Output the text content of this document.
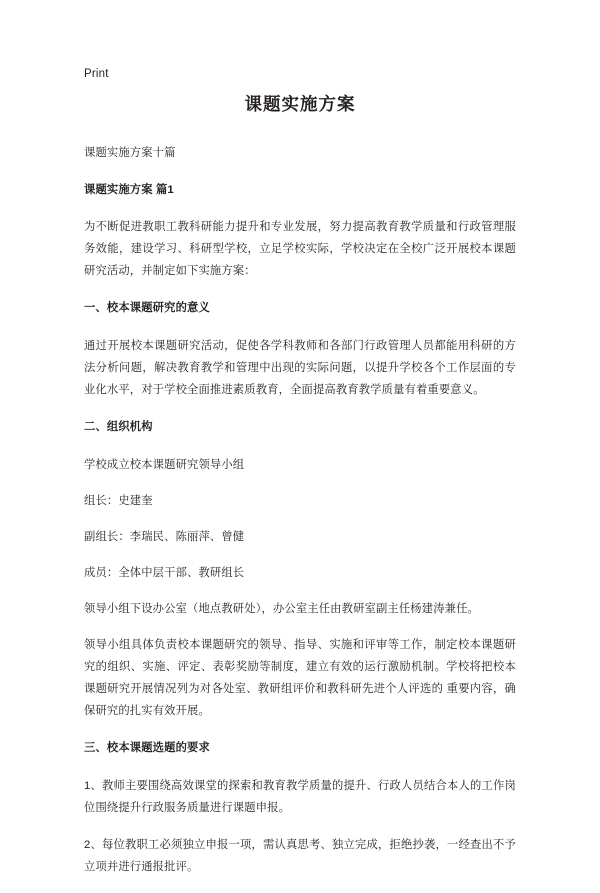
Print
课题实施方案

课题实施方案十篇

课题实施方案 篇1

为不断促进教职工教科研能力提升和专业发展，努力提高教育教学质量和行政管理服务效能，建设学习、科研型学校，立足学校实际，学校决定在全校广泛开展校本课题研究活动，并制定如下实施方案：

一、校本课题研究的意义

通过开展校本课题研究活动，促使各学科教师和各部门行政管理人员都能用科研的方法分析问题，解决教育教学和管理中出现的实际问题，以提升学校各个工作层面的专业化水平，对于学校全面推进素质教育，全面提高教育教学质量有着重要意义。

二、组织机构

学校成立校本课题研究领导小组

组长：史建奎

副组长：李瑞民、陈丽萍、曾健

成员：全体中层干部、教研组长

领导小组下设办公室（地点教研处），办公室主任由教研室副主任杨建涛兼任。

领导小组具体负责校本课题研究的领导、指导、实施和评审等工作，制定校本课题研究的组织、实施、评定、表彰奖励等制度，建立有效的运行激励机制。学校将把校本课题研究开展情况列为对各处室、教研组评价和教科研先进个人评选的 重要内容，确保研究的扎实有效开展。

三、校本课题选题的要求

1、教师主要围绕高效课堂的探索和教育教学质量的提升、行政人员结合本人的工作岗位围绕提升行政服务质量进行课题申报。

2、每位教职工必须独立申报一项，需认真思考、独立完成，拒绝抄袭，一经查出不予立项并进行通报批评。
